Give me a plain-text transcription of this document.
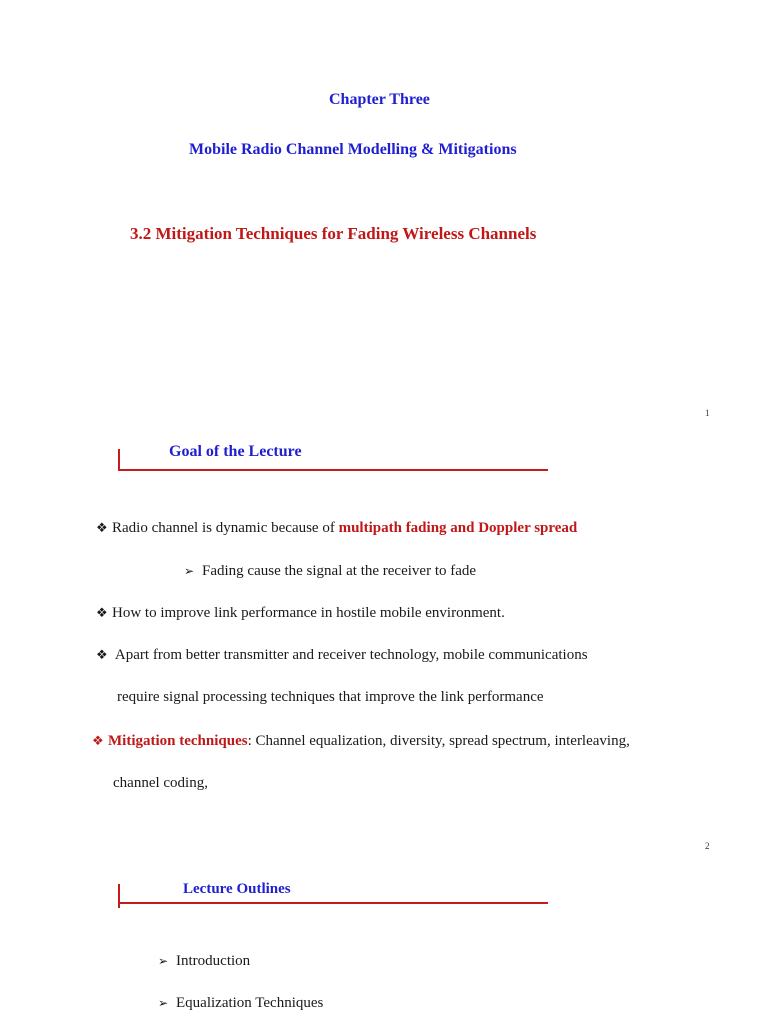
Chapter Three
Mobile Radio Channel Modelling & Mitigations
3.2 Mitigation Techniques for Fading Wireless Channels
1
Goal of the Lecture
❖ Radio channel is dynamic because of multipath fading and Doppler spread
➢ Fading cause the signal at the receiver to fade
❖ How to improve link performance in hostile mobile environment.
❖ Apart from better transmitter and receiver technology, mobile communications
require signal processing techniques that improve the link performance
❖ Mitigation techniques: Channel equalization, diversity, spread spectrum, interleaving,
channel coding,
2
Lecture Outlines
➢ Introduction
➢ Equalization Techniques
